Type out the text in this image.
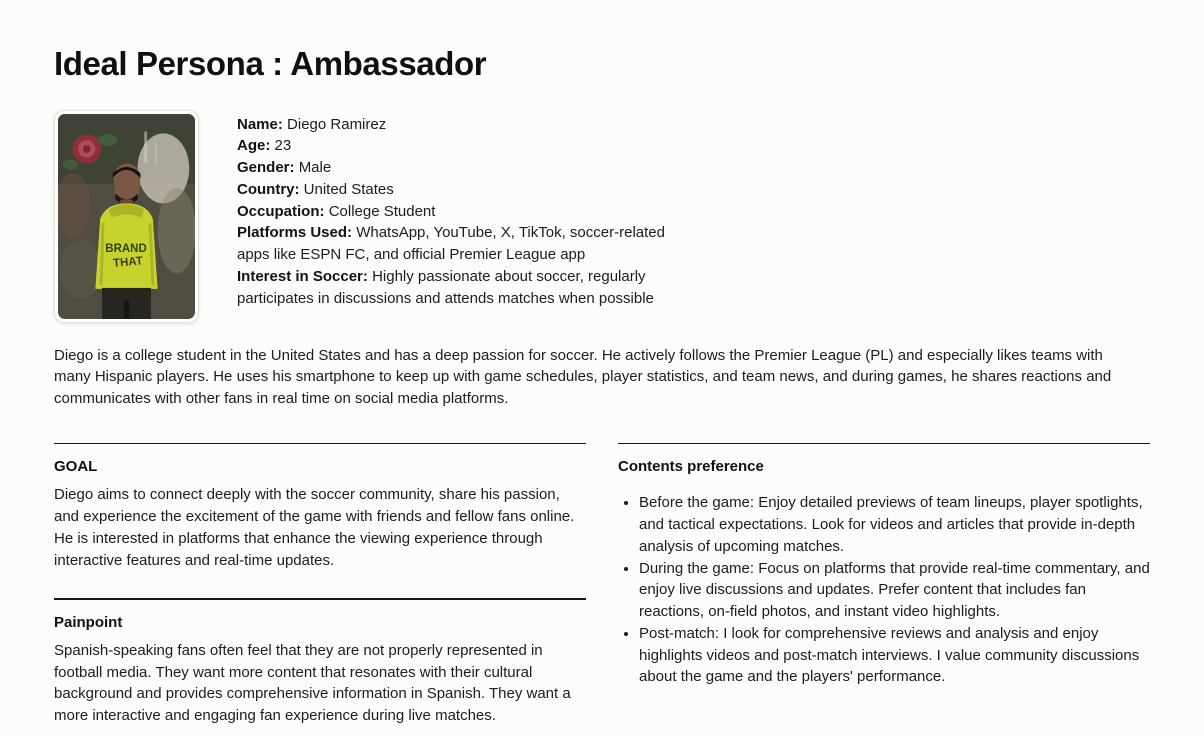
Ideal Persona : Ambassador
BRAND
THAT

Name: Diego Ramirez

Age: 23

Gender: Male

Country: United States

Occupation: College Student

Platforms Used: WhatsApp, YouTube, X, TikTok, soccer-related apps like ESPN FC, and official Premier League app

Interest in Soccer: Highly passionate about soccer, regularly participates in discussions and attends matches when possible

Diego is a college student in the United States and has a deep passion for soccer. He actively follows the Premier League (PL) and especially likes teams with many Hispanic players. He uses his smartphone to keep up with game schedules, player statistics, and team news, and during games, he shares reactions and communicates with other fans in real time on social media platforms.

GOAL

Diego aims to connect deeply with the soccer community, share his passion, and experience the excitement of the game with friends and fellow fans online. He is interested in platforms that enhance the viewing experience through interactive features and real-time updates.

Painpoint

Spanish-speaking fans often feel that they are not properly represented in football media. They want more content that resonates with their cultural background and provides comprehensive information in Spanish. They want a more interactive and engaging fan experience during live matches.

Contents preference
• Before the game: Enjoy detailed previews of team lineups, player spotlights, and tactical expectations. Look for videos and articles that provide in-depth analysis of upcoming matches.
• During the game: Focus on platforms that provide real-time commentary, and enjoy live discussions and updates. Prefer content that includes fan reactions, on-field photos, and instant video highlights.
• Post-match: I look for comprehensive reviews and analysis and enjoy highlights videos and post-match interviews. I value community discussions about the game and the players' performance.
